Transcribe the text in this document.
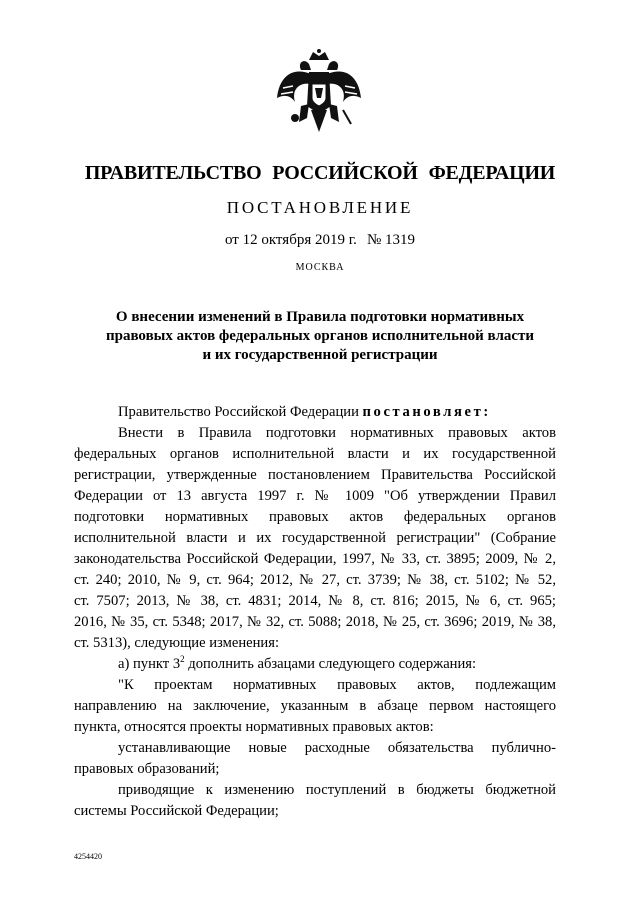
ПРАВИТЕЛЬСТВО РОССИЙСКОЙ ФЕДЕРАЦИИ
ПОСТАНОВЛЕНИЕ
от 12 октября 2019 г. № 1319
МОСКВА
О внесении изменений в Правила подготовки нормативных
правовых актов федеральных органов исполнительной власти
и их государственной регистрации
Правительство Российской Федерации постановляет:
Внести в Правила подготовки нормативных правовых актов
федеральных органов исполнительной власти и их государственной
регистрации, утвержденные постановлением Правительства Российской
Федерации от 13 августа 1997 г. № 1009 "Об утверждении Правил
подготовки нормативных правовых актов федеральных органов
исполнительной власти и их государственной регистрации" (Собрание
законодательства Российской Федерации, 1997, № 33, ст. 3895; 2009, № 2,
ст. 240; 2010, № 9, ст. 964; 2012, № 27, ст. 3739; № 38, ст. 5102; № 52,
ст. 7507; 2013, № 38, ст. 4831; 2014, № 8, ст. 816; 2015, № 6, ст. 965;
2016, № 35, ст. 5348; 2017, № 32, ст. 5088; 2018, № 25, ст. 3696; 2019, № 38,
ст. 5313), следующие изменения:
а) пункт $3^2$ дополнить абзацами следующего содержания:
"К проектам нормативных правовых актов, подлежащим
направлению на заключение, указанным в абзаце первом настоящего
пункта, относятся проекты нормативных правовых актов:
устанавливающие новые расходные обязательства публично-
правовых образований;
приводящие к изменению поступлений в бюджеты бюджетной
системы Российской Федерации;
4254420
